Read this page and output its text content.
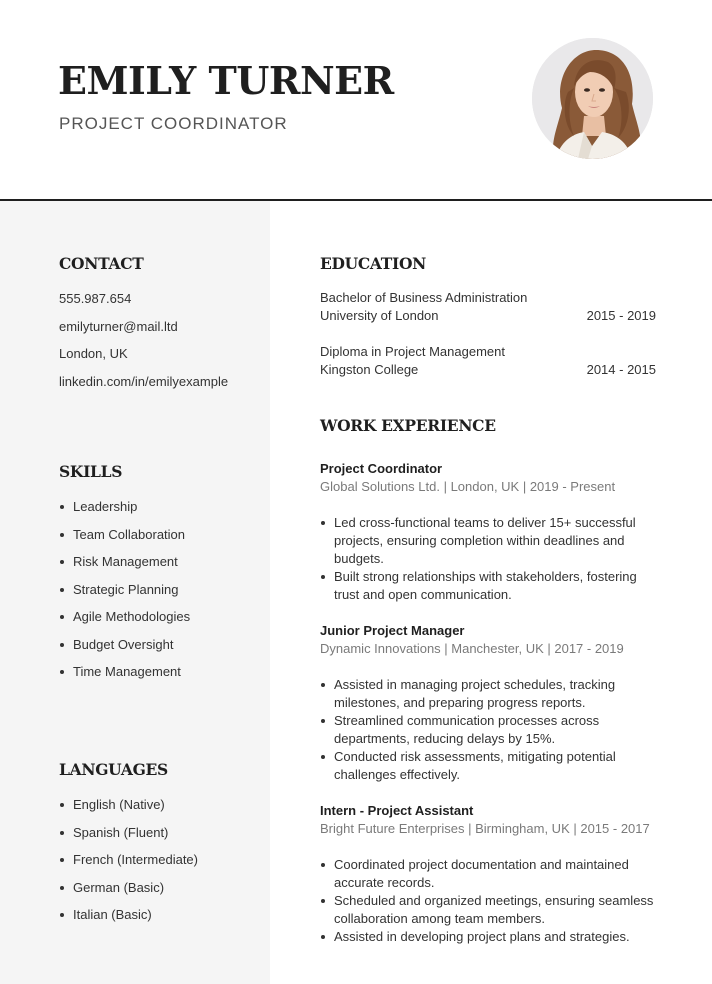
EMILY TURNER
PROJECT COORDINATOR
CONTACT
555.987.654
emilyturner@mail.ltd
London, UK
linkedin.com/in/emilyexample
SKILLS
Leadership
Team Collaboration
Risk Management
Strategic Planning
Agile Methodologies
Budget Oversight
Time Management
LANGUAGES
English (Native)
Spanish (Fluent)
French (Intermediate)
German (Basic)
Italian (Basic)
EDUCATION
Bachelor of Business Administration
University of London	2015 - 2019
Diploma in Project Management
Kingston College	2014 - 2015
WORK EXPERIENCE
Project Coordinator
Global Solutions Ltd. | London, UK | 2019 - Present
Led cross-functional teams to deliver 15+ successful projects, ensuring completion within deadlines and budgets.
Built strong relationships with stakeholders, fostering trust and open communication.
Junior Project Manager
Dynamic Innovations | Manchester, UK | 2017 - 2019
Assisted in managing project schedules, tracking milestones, and preparing progress reports.
Streamlined communication processes across departments, reducing delays by 15%.
Conducted risk assessments, mitigating potential challenges effectively.
Intern - Project Assistant
Bright Future Enterprises | Birmingham, UK | 2015 - 2017
Coordinated project documentation and maintained accurate records.
Scheduled and organized meetings, ensuring seamless collaboration among team members.
Assisted in developing project plans and strategies.
